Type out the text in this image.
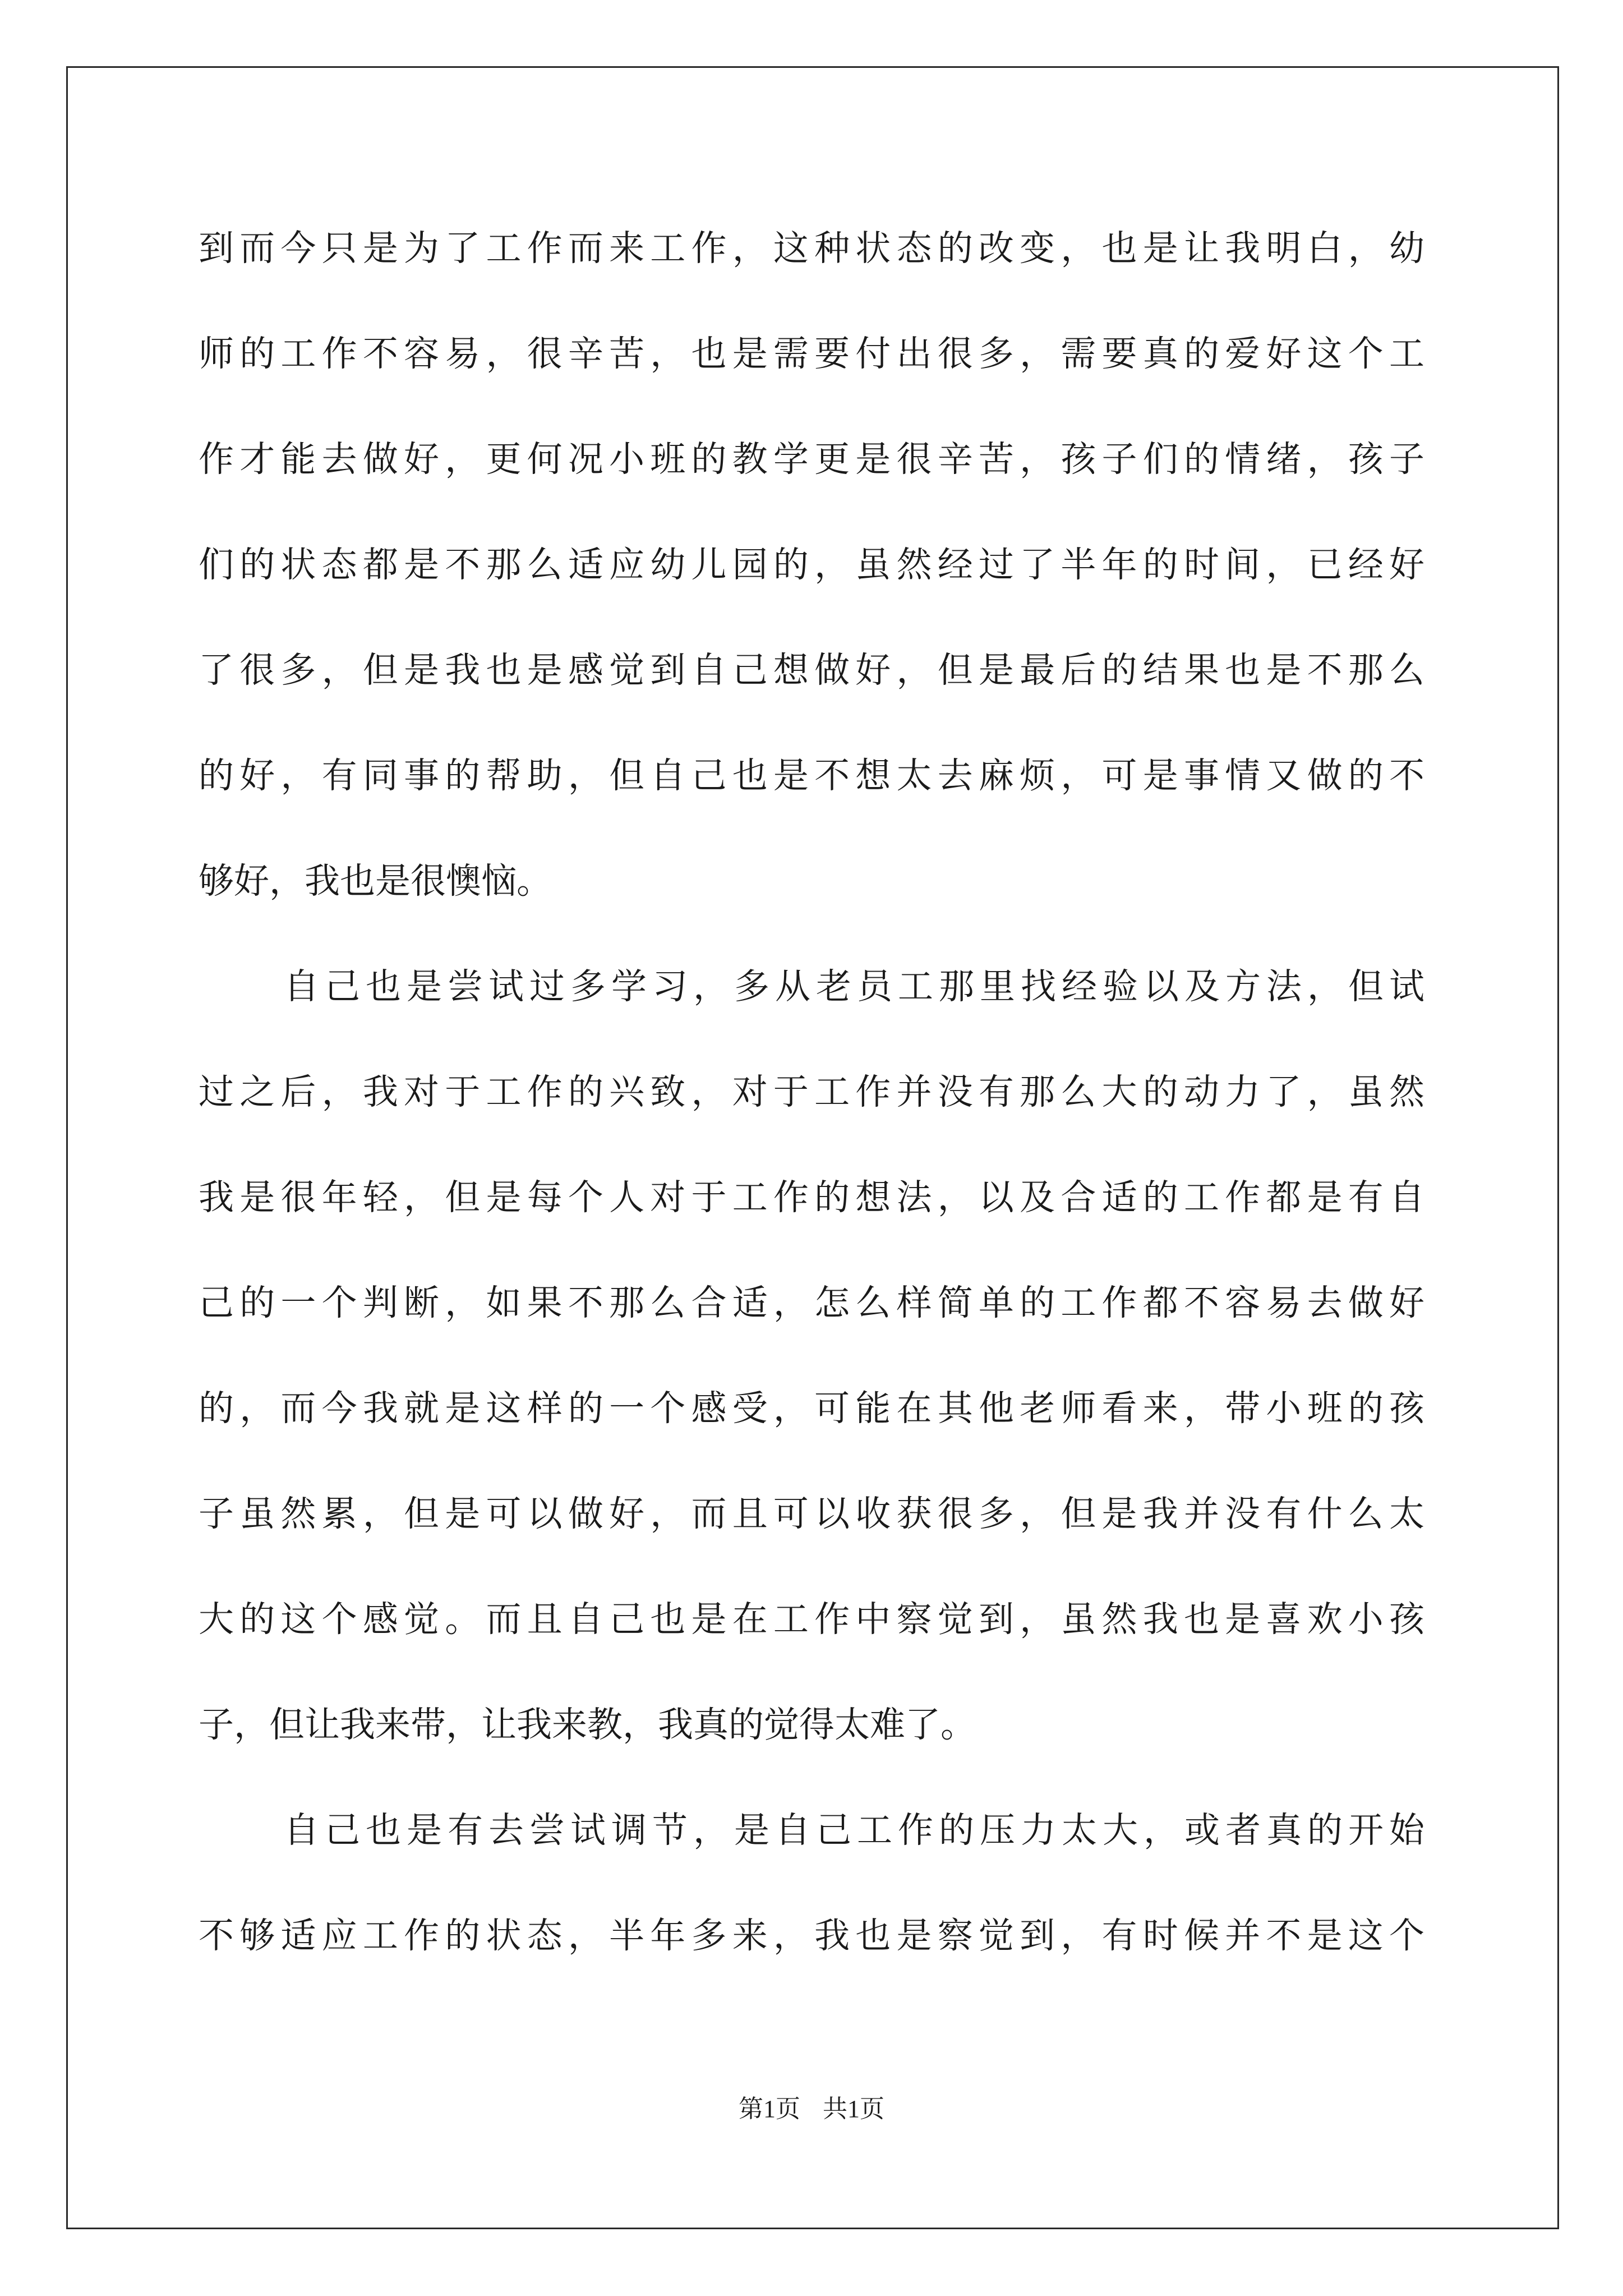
到而今只是为了工作而来工作，这种状态的改变，也是让我明白，幼
师的工作不容易，很辛苦，也是需要付出很多，需要真的爱好这个工
作才能去做好，更何况小班的教学更是很辛苦，孩子们的情绪，孩子
们的状态都是不那么适应幼儿园的，虽然经过了半年的时间，已经好
了很多，但是我也是感觉到自己想做好，但是最后的结果也是不那么
的好，有同事的帮助，但自己也是不想太去麻烦，可是事情又做的不
够好，我也是很懊恼。
自己也是尝试过多学习，多从老员工那里找经验以及方法，但试
过之后，我对于工作的兴致，对于工作并没有那么大的动力了，虽然
我是很年轻，但是每个人对于工作的想法，以及合适的工作都是有自
己的一个判断，如果不那么合适，怎么样简单的工作都不容易去做好
的，而今我就是这样的一个感受，可能在其他老师看来，带小班的孩
子虽然累，但是可以做好，而且可以收获很多，但是我并没有什么太
大的这个感觉。而且自己也是在工作中察觉到，虽然我也是喜欢小孩
子，但让我来带，让我来教，我真的觉得太难了。
自己也是有去尝试调节，是自己工作的压力太大，或者真的开始
不够适应工作的状态，半年多来，我也是察觉到，有时候并不是这个
第1页 共1页
